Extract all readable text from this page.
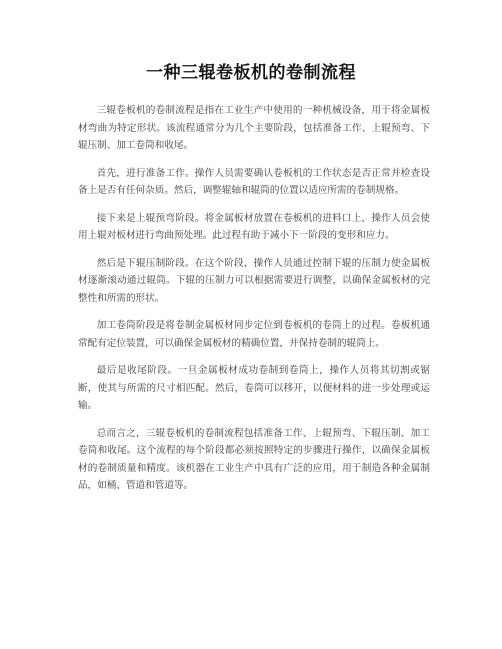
一种三辊卷板机的卷制流程

三辊卷板机的卷制流程是指在工业生产中使用的一种机械设备，用于将金属板材弯曲为特定形状。该流程通常分为几个主要阶段，包括准备工作、上辊预弯、下辊压制、加工卷筒和收尾。

首先，进行准备工作。操作人员需要确认卷板机的工作状态是否正常并检查设备上是否有任何杂质。然后，调整辊轴和辊筒的位置以适应所需的卷制规格。

接下来是上辊预弯阶段。将金属板材放置在卷板机的进料口上，操作人员会使用上辊对板材进行弯曲预处理。此过程有助于减小下一阶段的变形和应力。

然后是下辊压制阶段。在这个阶段，操作人员通过控制下辊的压制力使金属板材逐渐滚动通过辊筒。下辊的压制力可以根据需要进行调整，以确保金属板材的完整性和所需的形状。

加工卷筒阶段是将卷制金属板材同步定位到卷板机的卷筒上的过程。卷板机通常配有定位装置，可以确保金属板材的精确位置，并保持卷制的辊筒上。

最后是收尾阶段。一旦金属板材成功卷制到卷筒上，操作人员将其切割或锯断，使其与所需的尺寸相匹配。然后，卷筒可以移开，以便材料的进一步处理或运输。

总而言之，三辊卷板机的卷制流程包括准备工作、上辊预弯、下辊压制、加工卷筒和收尾。这个流程的每个阶段都必须按照特定的步骤进行操作，以确保金属板材的卷制质量和精度。该机器在工业生产中具有广泛的应用，用于制造各种金属制品，如桶、管道和管道等。
